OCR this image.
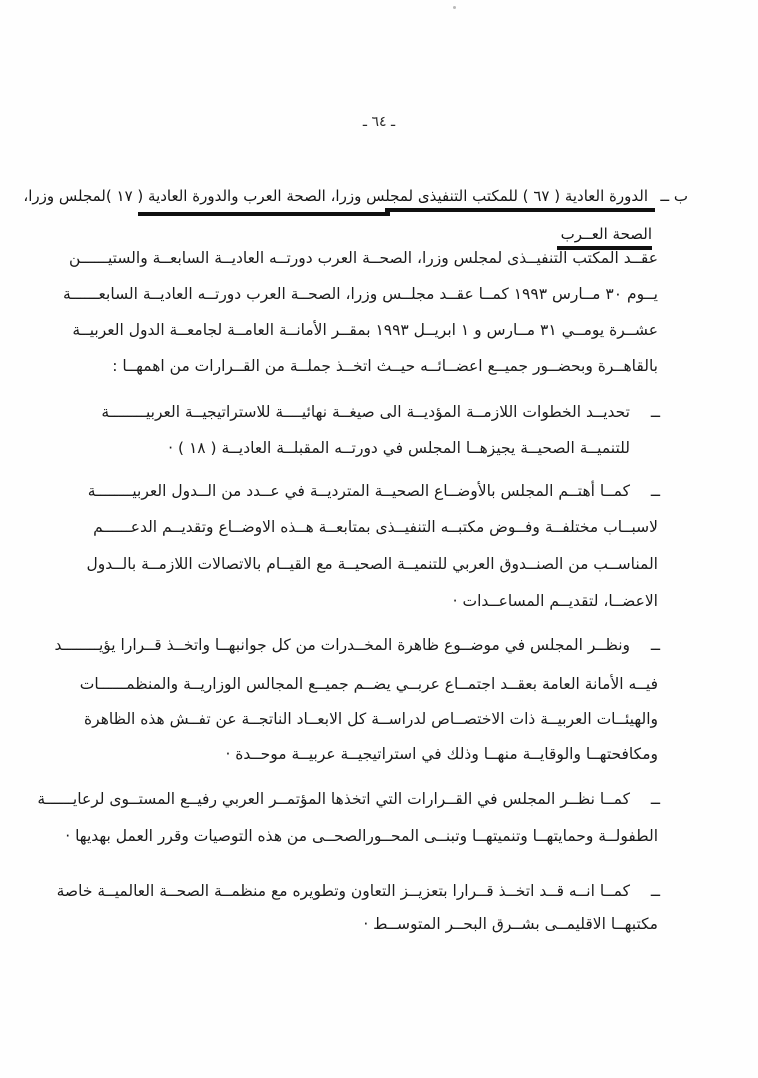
ـ ٦٤ ـ
ب ــ
الدورة العادية ( ٦٧ ) للمكتب التنفيذى لمجلس وزرا، الصحة العرب والدورة العادية ( ١٧ )لمجلس وزرا،
الصحة العــرب
عقــد المكتب التنفيــذى لمجلس وزرا، الصحــة العرب دورتــه العاديــة السابعــة والستيــــــن
يــوم ٣٠ مــارس ١٩٩٣ كمــا عقــد مجلــس وزرا، الصحــة العرب دورتــه العاديــة السابعــــــة
عشــرة يومــي ٣١ مــارس و ١ ابريــل ١٩٩٣ بمقــر الأمانــة العامــة لجامعــة الدول العربيــة
بالقاهــرة وبحضــور جميــع اعضــائــه حيــث اتخــذ جملــة من القــرارات من اهمهــا :
ــ
تحديــد الخطوات اللازمــة المؤديــة الى صيغــة نهائيــــة للاستراتيجيــة العربيــــــــة
للتنميــة الصحيــة يجيزهــا المجلس في دورتــه المقبلــة العاديــة ( ١٨ ) ·
ــ
كمــا أهتــم المجلس بالأوضــاع الصحيــة المترديــة في عــدد من الــدول العربيــــــــة
لاسبــاب مختلفــة وفــوض مكتبــه التنفيــذى بمتابعــة هــذه الاوضــاع وتقديــم الدعــــــم
المناســب من الصنــدوق العربي للتنميــة الصحيــة مع القيــام بالاتصالات اللازمــة بالــدول
الاعضــا، لتقديــم المساعــدات ·
ــ
ونظــر المجلس في موضــوع ظاهرة المخــدرات من كل جوانبهــا واتخــذ قــرارا يؤيــــــــد
فيــه الأمانة العامة بعقــد اجتمــاع عربــي يضــم جميــع المجالس الوزاريــة والمنظمــــــات
والهيئــات العربيــة ذات الاختصــاص لدراســة كل الابعــاد الناتجــة عن تفــش هذه الظاهرة
ومكافحتهــا والوقايــة منهــا وذلك في استراتيجيــة عربيــة موحــدة ·
ــ
كمــا نظــر المجلس في القــرارات التي اتخذها المؤتمــر العربي رفيــع المستــوى لرعايــــــة
الطفولــة وحمايتهــا وتنميتهــا وتبنــى المحــورالصحــى من هذه التوصيات وقرر العمل بهديها ·
ــ
كمــا انــه قــد اتخــذ قــرارا بتعزيــز التعاون وتطويره مع منظمــة الصحــة العالميــة خاصة
مكتبهــا الاقليمــى بشــرق البحــر المتوســط ·
